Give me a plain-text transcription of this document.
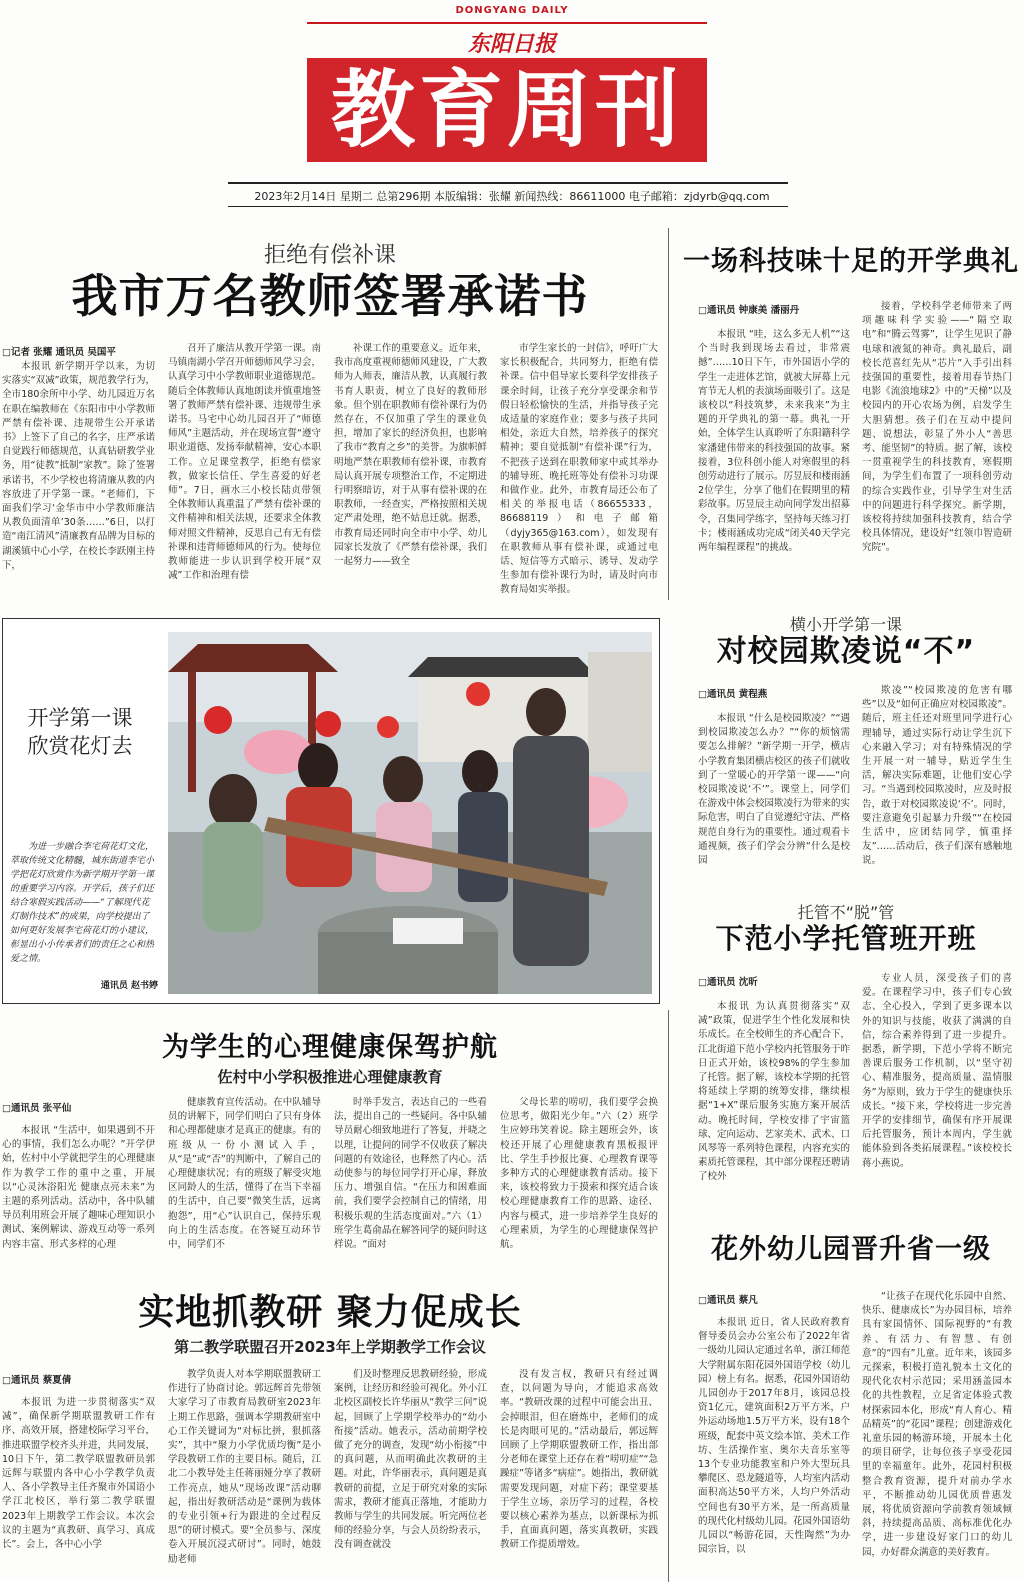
DONGYANG DAILY
东阳日报
教育周刊
2023年2月14日 星期二 总第296期 本版编辑：张耀 新闻热线：86611000 电子邮箱：zjdyrb@qq.com
拒绝有偿补课
我市万名教师签署承诺书
□记者 张耀 通讯员 吴国平
本报讯 新学期开学以来，为切实落实“双减”政策，规范教学行为，全市180余所中小学、幼儿园近万名在职在编教师在《东阳市中小学教师严禁有偿补课、违规带生公开承诺书》上签下了自己的名字，庄严承诺自觉践行师德规范，认真钻研教学业务，用“徒教”抵制“家教”。除了签署承诺书，不少学校也将清廉从教的内容放进了开学第一课。“老师们，下面我们学习‘金华市中小学教师廉洁从教负面清单’30条……”6日，以打造“南江清风”清廉教育品牌为目标的湖溪镇中心小学，在校长李跃刚主持下，
召开了廉洁从教开学第一课。南马镇南湖小学召开师德师风学习会，认真学习中小学教师职业道德规范。随后全体教师认真地朗读并慎重地签署了教师严禁有偿补课、违规带生承诺书。马宅中心幼儿园召开了“师德师风”主题活动，并在现场宣誓“遵守职业道德、发扬奉献精神，安心本职工作。立足课堂教学，拒绝有偿家教，做家长信任、学生喜爱的好老师”。7日，画水三小校长陆贞带领全体教师认真重温了严禁有偿补课的文件精神和相关法规，还要求全体教师对照文件精神，反思自己有无有偿补课和违背师德师风的行为。使每位教师能进一步认识到学校开展“双减”工作和治理有偿
补课工作的重要意义。近年来，我市高度重视师德师风建设，广大教师为人师表，廉洁从教，认真履行教书育人职责，树立了良好的教师形象。但个别在职教师有偿补课行为仍然存在，不仅加重了学生的课业负担，增加了家长的经济负担，也影响了我市“教育之乡”的美誉。为旗帜鲜明地严禁在职教师有偿补课，市教育局认真开展专项整治工作，不定期进行明察暗访，对于从事有偿补课的在职教师，一经查实，严格按照相关规定严肃处理，绝不姑息迁就。据悉，市教育局还同时向全市中小学、幼儿园家长发放了《严禁有偿补课，我们一起努力——致全
市学生家长的一封信》，呼吁广大家长积极配合，共同努力，拒绝有偿补课。信中倡导家长要科学安排孩子课余时间，让孩子充分享受课余和节假日轻松愉快的生活，并指导孩子完成适量的家庭作业；要多与孩子共同相处，亲近大自然，培养孩子的探究精神；要自觉抵制“有偿补课”行为，不把孩子送到在职教师家中或其举办的辅导班、晚托班等处有偿补习功课和做作业。此外，市教育局还公布了相关的举报电话（86655333，86688119）和电子邮箱（dyjy365@163.com），如发现有在职教师从事有偿补课，或通过电话、短信等方式暗示、诱导、发动学生参加有偿补课行为时，请及时向市教育局如实举报。
一场科技味十足的开学典礼
□通讯员 钟康美 潘丽丹
本报讯 “哇，这么多无人机”“这个当时我到现场去看过，非常震撼”……10日下午，市外国语小学的学生一走进体艺馆，就被大屏幕上元宵节无人机的表演场面吸引了。这是该校以“科技筑梦，未来我来”为主题的开学典礼的第一幕。典礼一开始，全体学生认真聆听了东阳籍科学家潘建伟带来的科技强国的故事。紧接着，3位科创小能人对寒假里的科创劳动进行了展示。厉昱辰和楼雨涵2位学生，分享了他们在假期里的精彩故事。厉昱辰主动向同学发出招募令，召集同学练字，坚持每天练习打卡；楼雨涵成功完成“闭关40天学完两年编程课程”的挑战。
接着，学校科学老师带来了两项趣味科学实验——“隔空取电”和“腾云驾雾”，让学生见识了静电球和液氮的神奇。典礼最后，副校长范喜红先从“芯片”入手引出科技强国的重要性，接着用春节热门电影《流浪地球2》中的“天梯”以及校园内的开心农场为例，启发学生大胆猜想。孩子们在互动中提问题、说想法，彰显了外小人“善思考、能坚韧”的特质。据了解，该校一贯重视学生的科技教育，寒假期间，为学生们布置了一项科创劳动的综合实践作业，引导学生对生活中的问题进行科学探究。新学期，该校将持续加强科技教育，结合学校具体情况，建设好“红领巾智造研究院”。
开学第一课
欣赏花灯去
为进一步融合李宅荷花灯文化，萃取传统文化精髓，城东街道李宅小学把花灯欣赏作为新学期开学第一课的重要学习内容。开学后，孩子们还结合寒假实践活动——“了解现代花灯制作技术”的成果，向学校提出了如何更好发展李宅荷花灯的小建议，彰显出小小传承者们的责任之心和热爱之情。
通讯员 赵书婷
横小开学第一课
对校园欺凌说“不”
□通讯员 黄程燕
本报讯 “什么是校园欺凌？”“遇到校园欺凌怎么办？”“你的烦恼需要怎么排解？”新学期一开学，横店小学教育集团横店校区的孩子们就收到了一堂暖心的开学第一课——“向校园欺凌说‘不’”。课堂上，同学们在游戏中体会校园欺凌行为带来的实际危害，明白了自觉遵纪守法、严格规范自身行为的重要性。通过观看卡通视频，孩子们学会分辨“什么是校园
欺凌”“校园欺凌的危害有哪些”以及“如何正确应对校园欺凌”。随后，班主任还对班里同学进行心理辅导，通过实际行动让学生沉下心来融入学习；对有特殊情况的学生开展一对一辅导，贴近学生生活，解决实际难题，让他们安心学习。“当遇到校园欺凌时，应及时报告，敢于对校园欺凌说‘不’。同时，要注意避免引起暴力升级”“在校园生活中，应团结同学，慎重择友”……活动后，孩子们深有感触地说。
托管不“脱”管
下范小学托管班开班
□通讯员 沈昕
本报讯 为认真贯彻落实“双减”政策，促进学生个性化发展和快乐成长。在全校师生的齐心配合下，江北街道下范小学校内托管服务于昨日正式开始，该校98%的学生参加了托管。据了解，该校本学期的托管将延续上学期的统筹安排，继续根据“1+X”课后服务实施方案开展活动。晚托时间，学校安排了宇宙篮球、定向运动、艺家美术、武术、口风琴等一系列特色课程，内容充实的素质托管课程，其中部分课程还聘请了校外
专业人员，深受孩子们的喜爱。在课程学习中，孩子们专心致志、全心投入，学到了更多课本以外的知识与技能，收获了满满的自信，综合素养得到了进一步提升。据悉，新学期，下范小学将不断完善课后服务工作机制，以“坚守初心、精准服务，提高质量、温情服务”为原则，致力于学生的健康快乐成长。“接下来，学校将进一步完善开学的安排细节，确保有序开展课后托管服务，预计本周内，学生就能体验到各类拓展课程。”该校校长蒋小燕说。
为学生的心理健康保驾护航
佐村中小学积极推进心理健康教育
□通讯员 张平仙
本报讯 “生活中，如果遇到不开心的事情，我们怎么办呢？”开学伊始，佐村中小学就把学生的心理健康作为教学工作的重中之重，开展以“心灵沐浴阳光 健康点亮未来”为主题的系列活动。活动中，各中队辅导员利用班会开展了趣味心理知识小测试、案例解读、游戏互动等一系列内容丰富、形式多样的心理
健康教育宣传活动。在中队辅导员的讲解下，同学们明白了只有身体和心理都健康才是真正的健康。有的班级从一份小测试入手，从“是”或“否”的判断中，了解自己的心理健康状况；有的班级了解受灾地区同龄人的生活，懂得了在当下幸福的生活中，自己要“微笑生活，远离抱怨”，用“心”认识自己，保持乐观向上的生活态度。在答疑互动环节中，同学们不
时举手发言，表达自己的一些看法，提出自己的一些疑问。各中队辅导员耐心细致地进行了答复，并晓之以理，让提问的同学不仅收获了解决问题的有效途径，也释然了内心。活动使参与的每位同学打开心扉，释放压力、增强自信。“在压力和困难面前，我们要学会控制自己的情绪，用积极乐观的生活态度面对。”六（1）班学生葛俞晶在解答同学的疑问时这样说。“面对
父母长辈的唠叨，我们要学会换位思考，做阳光少年。”六（2）班学生应婷玮笑着说。除主题班会外，该校还开展了心理健康教育黑板报评比、学生手抄报比赛、心理教育课等多种方式的心理健康教育活动。接下来，该校将致力于摸索和探究适合该校心理健康教育工作的思路、途径、内容与模式，进一步培养学生良好的心理素质，为学生的心理健康保驾护航。	花外幼儿园晋升省一级
□通讯员 蔡凡
本报讯 近日，省人民政府教育督导委员会办公室公布了2022年省一级幼儿园认定通过名单，浙江师范大学附属东阳花园外国语学校（幼儿园）榜上有名。据悉，花园外国语幼儿园创办于2017年8月，该园总投资1亿元，建筑面积2万平方米，户外运动场地1.5万平方米，设有18个班级，配套中英文绘本馆、美术工作坊、生活操作室、奥尔夫音乐室等13个专业功能教室和户外大型玩具攀爬区、恐龙隧道等，人均室内活动面积高达50平方米，人均户外活动空间也有30平方米，是一所高质量的现代化村级幼儿园。花园外国语幼儿园以“畅游花园，天性陶然”为办园宗旨，以
“让孩子在现代化乐园中自然、快乐、健康成长”为办园目标，培养具有家国情怀、国际视野的“有教养、有活力、有智慧、有创意”的“四有”儿童。近年来，该园多元探索，积极打造礼貌本土文化的现代化农村示范园；采用涵盖园本化的共性教程，立足省定体验式教材探索园本化，形成“育人育心、精品精英”的“花园”课程；创建游戏化礼童乐园的畅游环境，开展本土化的项目研学，让每位孩子享受花园里的幸福童年。此外，花园村积极整合教育资源，提升对前办学水平，不断推动幼儿园优质普惠发展，将优质资源向学前教育领域倾斜，持续提高品质、高标准优化办学，进一步建设好家门口的幼儿园，办好群众满意的美好教育。
实地抓教研 聚力促成长
第二教学联盟召开2023年上学期教学工作会议
□通讯员 蔡夏倩
本报讯 为进一步贯彻落实“双减”，确保新学期联盟教研工作有序、高效开展，搭建校际学习平台，推进联盟学校齐头并进，共同发展，10日下午，第二教学联盟教研员郭远辉与联盟内各中心小学教学负责人、各小学教导主任齐聚市外国语小学江北校区，举行第二教学联盟2023年上期教学工作会议。本次会议的主题为“真教研、真学习、真成长”。会上，各中心小学
教学负责人对本学期联盟教研工作进行了协商讨论。郭远辉首先带领大家学习了市教育局教研室2023年上期工作思路，强调本学期教研室中心工作关键词为“对标比拼，狠抓落实”，其中“聚力小学优质均衡”是小学段教研工作的主要目标。随后，江北二小教导处主任蒋丽娅分享了教研工作亮点，她从“现场改课”活动聊起，指出好教研活动是“课例为载体的专业引领+行为跟进的全过程反思”的研讨模式。要“全员参与、深度卷入开展沉浸式研讨”。同时，她鼓励老师
们及时整理反思教研经验，形成案例，让经历和经验可视化。外小江北校区副校长许华丽从“教学三问”说起，回顾了上学期学校举办的“幼小衔接”活动。她表示，活动前期学校做了充分的调查，发现“幼小衔接”中的真问题，从而明确此次教研的主题。对此，许华丽表示，真问题是真教研的前提，立足于研究对象的实际需求，教研才能真正落地，才能助力教师与学生的共同发展。听完两位老师的经验分享，与会人员纷纷表示，没有调查就没
没有发言权，教研只有经过调查，以问题为导向，才能追求高效率。“教研改课的过程中可能会出丑、会掉眼泪，但在磨炼中，老师们的成长是肉眼可见的。”活动最后，郭远辉回顾了上学期联盟教研工作，指出部分老师在课堂上还存在着“唠叨症”“急躁症”等诸多“病症”。她指出，教研就需要发现问题，对症下药；课堂要基于学生立场，亲历学习的过程，各校要以核心素养为基点，以新课标为抓手，直面真问题，落实真教研，实践教研工作提质增效。
